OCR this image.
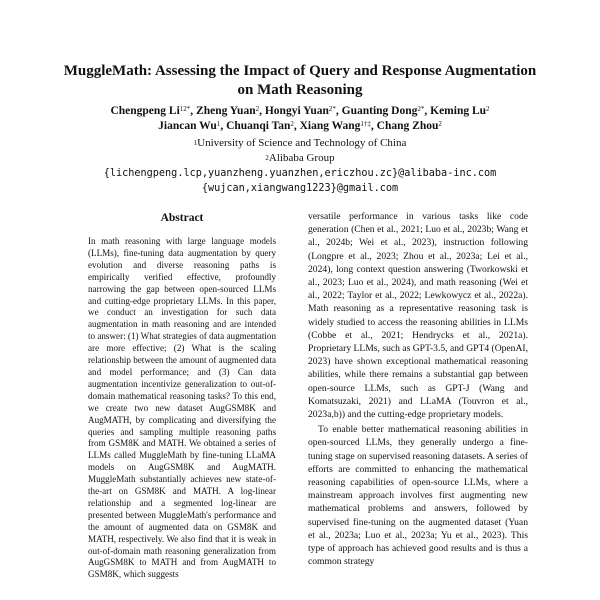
MuggleMath: Assessing the Impact of Query and Response Augmentation
on Math Reasoning
Chengpeng $Li^{12*}$, Zheng Yuan$^2$, Hongyi Yuan$^{2*}$, Guanting Dong$^{2*}$, Keming Lu$^2$
Jiancan Wu$^1$, Chuanqi Tan$^2$, Xiang Wang$^{1\dagger\ddagger}$, Chang Zhou$^2$
$^1$University of Science and Technology of China
$^2$Alibaba Group
{lichengpeng.lcp,yuanzheng.yuanzhen,ericzhou.zc}@alibaba-inc.com
{wujcan,xiangwang1223}@gmail.com
Abstract
In math reasoning with large language models (LLMs), fine-tuning data augmentation by query evolution and diverse reasoning paths is empirically verified effective, profoundly narrowing the gap between open-sourced LLMs and cutting-edge proprietary LLMs. In this paper, we conduct an investigation for such data augmentation in math reasoning and are intended to answer: (1) What strategies of data augmentation are more effective; (2) What is the scaling relationship between the amount of augmented data and model performance; and (3) Can data augmentation incentivize generalization to out-of-domain mathematical reasoning tasks? To this end, we create two new dataset AugGSM8K and AugMATH, by complicating and diversifying the queries and sampling multiple reasoning paths from GSM8K and MATH. We obtained a series of LLMs called MuggleMath by fine-tuning LLaMA models on AugGSM8K and AugMATH. MuggleMath substantially achieves new state-of-the-art on GSM8K and MATH. A log-linear relationship and a segmented log-linear are presented between MuggleMath's performance and the amount of augmented data on GSM8K and MATH, respectively. We also find that it is weak in out-of-domain math reasoning generalization from AugGSM8K to MATH and from AugMATH to GSM8K, which suggests

versatile performance in various tasks like code generation (Chen et al., 2021; Luo et al., 2023b; Wang et al., 2024b; Wei et al., 2023), instruction following (Longpre et al., 2023; Zhou et al., 2023a; Lei et al., 2024), long context question answering (Tworkowski et al., 2023; Luo et al., 2024), and math reasoning (Wei et al., 2022; Taylor et al., 2022; Lewkowycz et al., 2022a). Math reasoning as a representative reasoning task is widely studied to access the reasoning abilities in LLMs (Cobbe et al., 2021; Hendrycks et al., 2021a). Proprietary LLMs, such as GPT-3.5, and GPT4 (OpenAI, 2023) have shown exceptional mathematical reasoning abilities, while there remains a substantial gap between open-source LLMs, such as GPT-J (Wang and Komatsuzaki, 2021) and LLaMA (Touvron et al., 2023a,b)) and the cutting-edge proprietary models.

To enable better mathematical reasoning abilities in open-sourced LLMs, they generally undergo a fine-tuning stage on supervised reasoning datasets. A series of efforts are committed to enhancing the mathematical reasoning capabilities of open-source LLMs, where a mainstream approach involves first augmenting new mathematical problems and answers, followed by supervised fine-tuning on the augmented dataset (Yuan et al., 2023a; Luo et al., 2023a; Yu et al., 2023). This type of approach has achieved good results and is thus a common strategy
